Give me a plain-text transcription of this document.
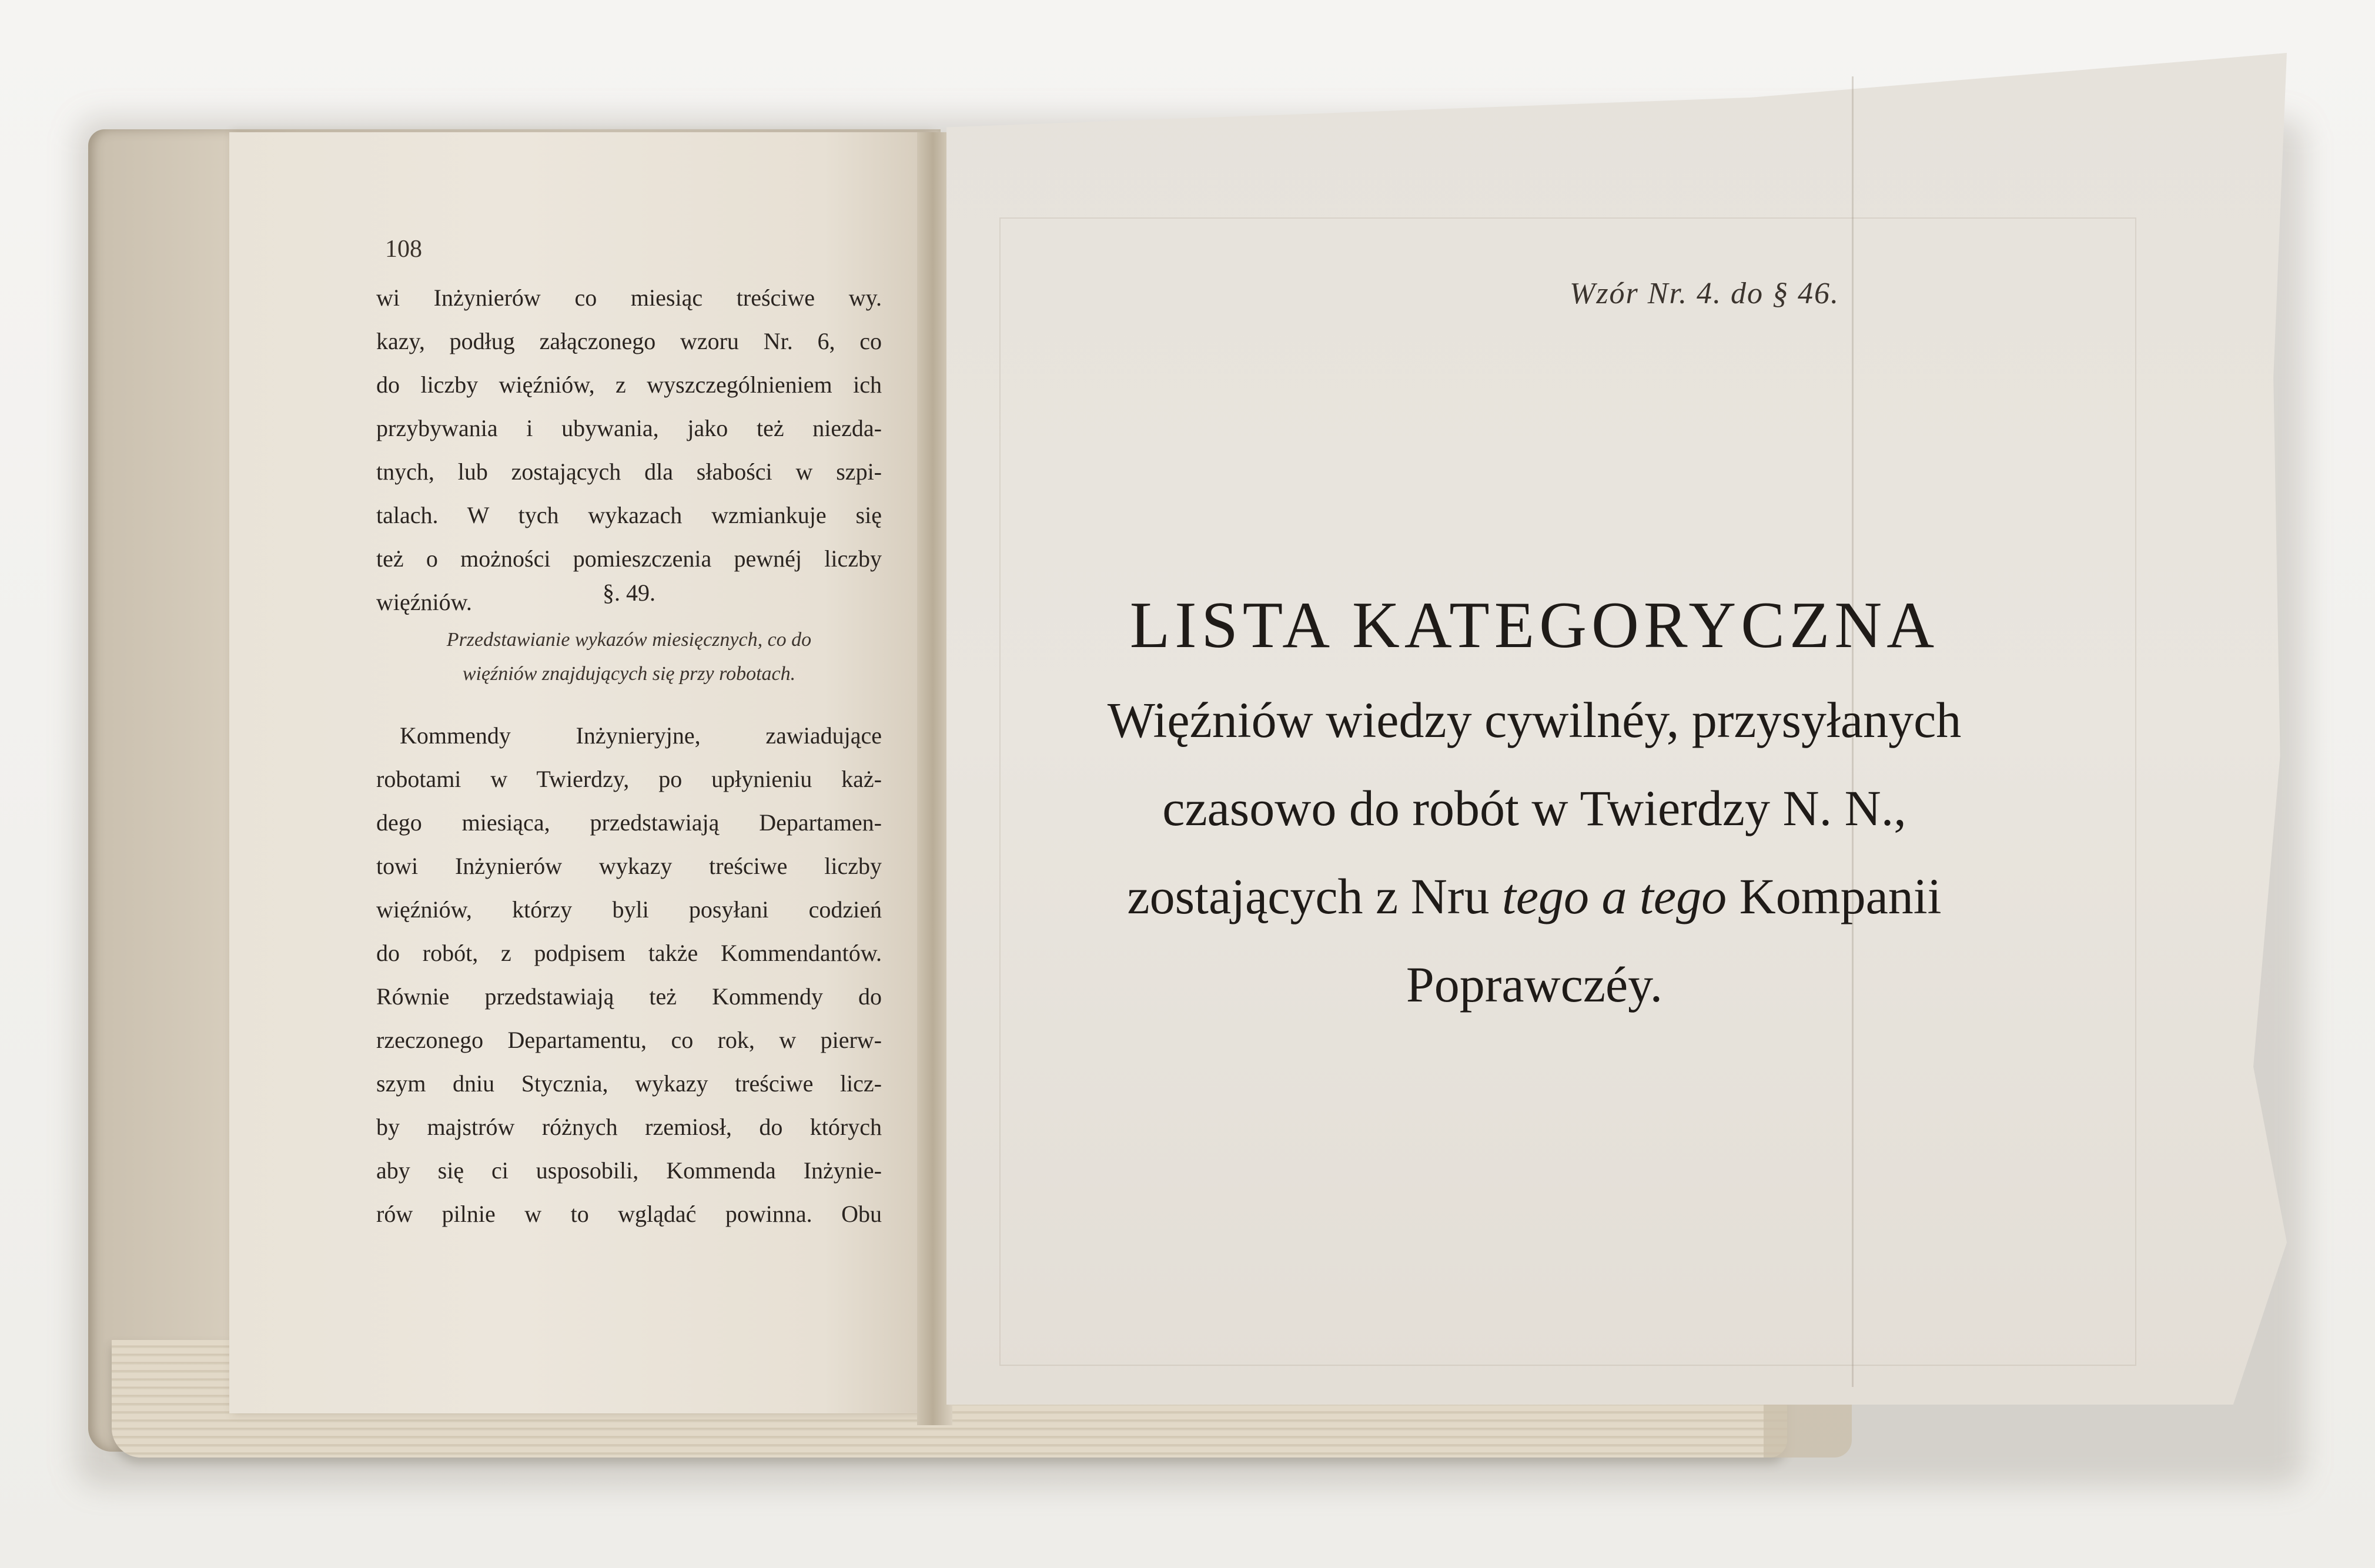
108
wi Inżynierów co miesiąc treściwe wy.
kazy, podług załączonego wzoru Nr. 6, co
do liczby więźniów, z wyszczególnieniem ich
przybywania i ubywania, jako też niezda-
tnych, lub zostających dla słabości w szpi-
talach. W tych wykazach wzmiankuje się
też o możności pomieszczenia pewnéj liczby
więźniów.	§. 49.
Przedstawianie wykazów miesięcznych, co do
więźniów znajdujących się przy robotach.
Kommendy Inżynieryjne, zawiadujące
robotami w Twierdzy, po upłynieniu każ-
dego miesiąca, przedstawiają Departamen-
towi Inżynierów wykazy treściwe liczby
więźniów, którzy byli posyłani codzień
do robót, z podpisem także Kommendantów.
Równie przedstawiają też Kommendy do
rzeczonego Departamentu, co rok, w pierw-
szym dniu Stycznia, wykazy treściwe licz-
by majstrów różnych rzemiosł, do których
aby się ci usposobili, Kommenda Inżynie-
rów pilnie w to wglądać powinna. Obu
Wzór Nr. 4. do § 46.
LISTA KATEGORYCZNA
Więźniów wiedzy cywilnéy, przysyłanych
czasowo do robót w Twierdzy N. N.,
zostających z Nru tego a tego Kompanii
Poprawczéy.
